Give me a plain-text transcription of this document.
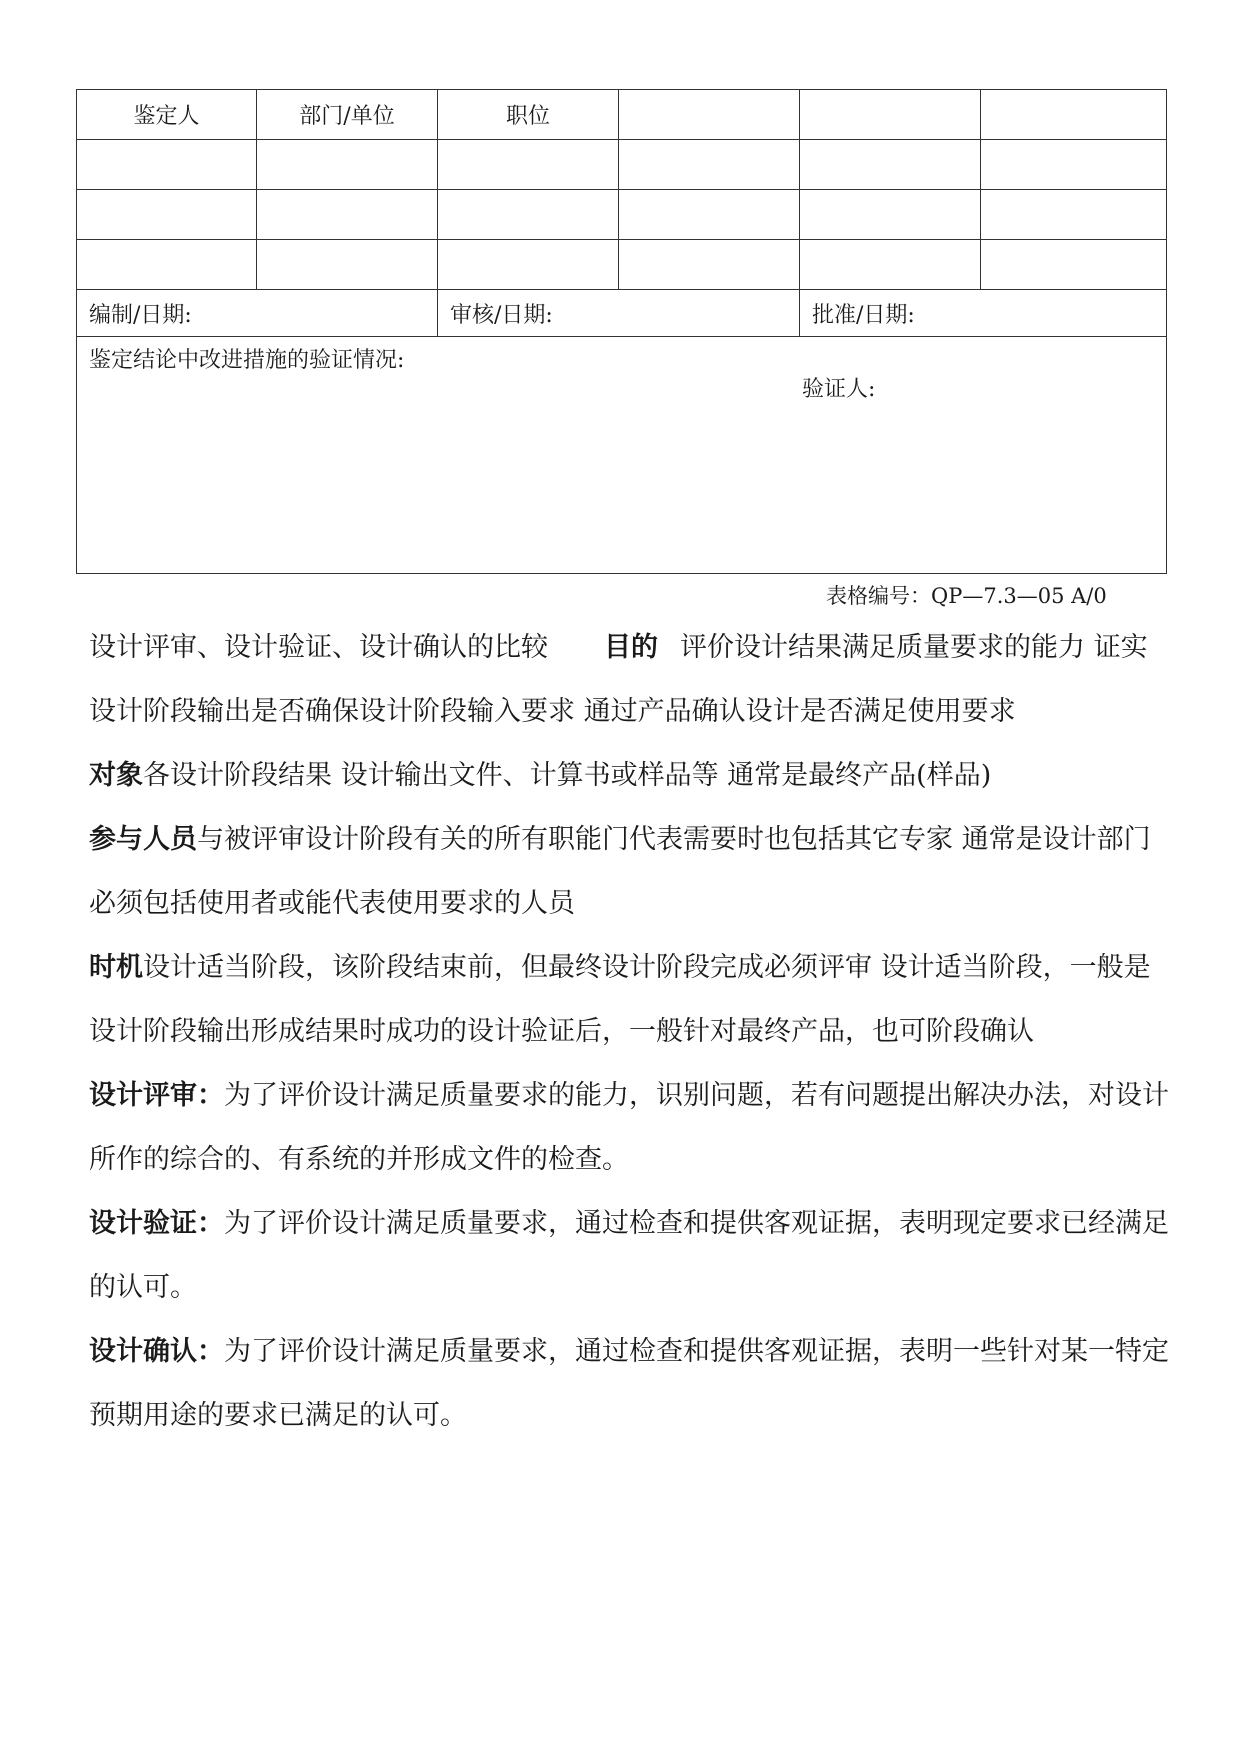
鉴定人	部门/单位	职位			

编制/日期:		审核/日期:		批准/日期:	

鉴定结论中改进措施的验证情况:
验证人:					
表格编号：QP—7.3—05 A/0

设计评审、设计验证、设计确认的比较 目的 评价设计结果满足质量要求的能力 证实设计阶段输出是否确保设计阶段输入要求 通过产品确认设计是否满足使用要求

对象各设计阶段结果 设计输出文件、计算书或样品等 通常是最终产品(样品)

参与人员与被评审设计阶段有关的所有职能门代表需要时也包括其它专家 通常是设计部门必须包括使用者或能代表使用要求的人员

时机设计适当阶段，该阶段结束前，但最终设计阶段完成必须评审 设计适当阶段，一般是设计阶段输出形成结果时成功的设计验证后，一般针对最终产品，也可阶段确认

设计评审：为了评价设计满足质量要求的能力，识别问题，若有问题提出解决办法，对设计所作的综合的、有系统的并形成文件的检查。

设计验证：为了评价设计满足质量要求，通过检查和提供客观证据，表明现定要求已经满足的认可。

设计确认：为了评价设计满足质量要求，通过检查和提供客观证据，表明一些针对某一特定预期用途的要求已满足的认可。
